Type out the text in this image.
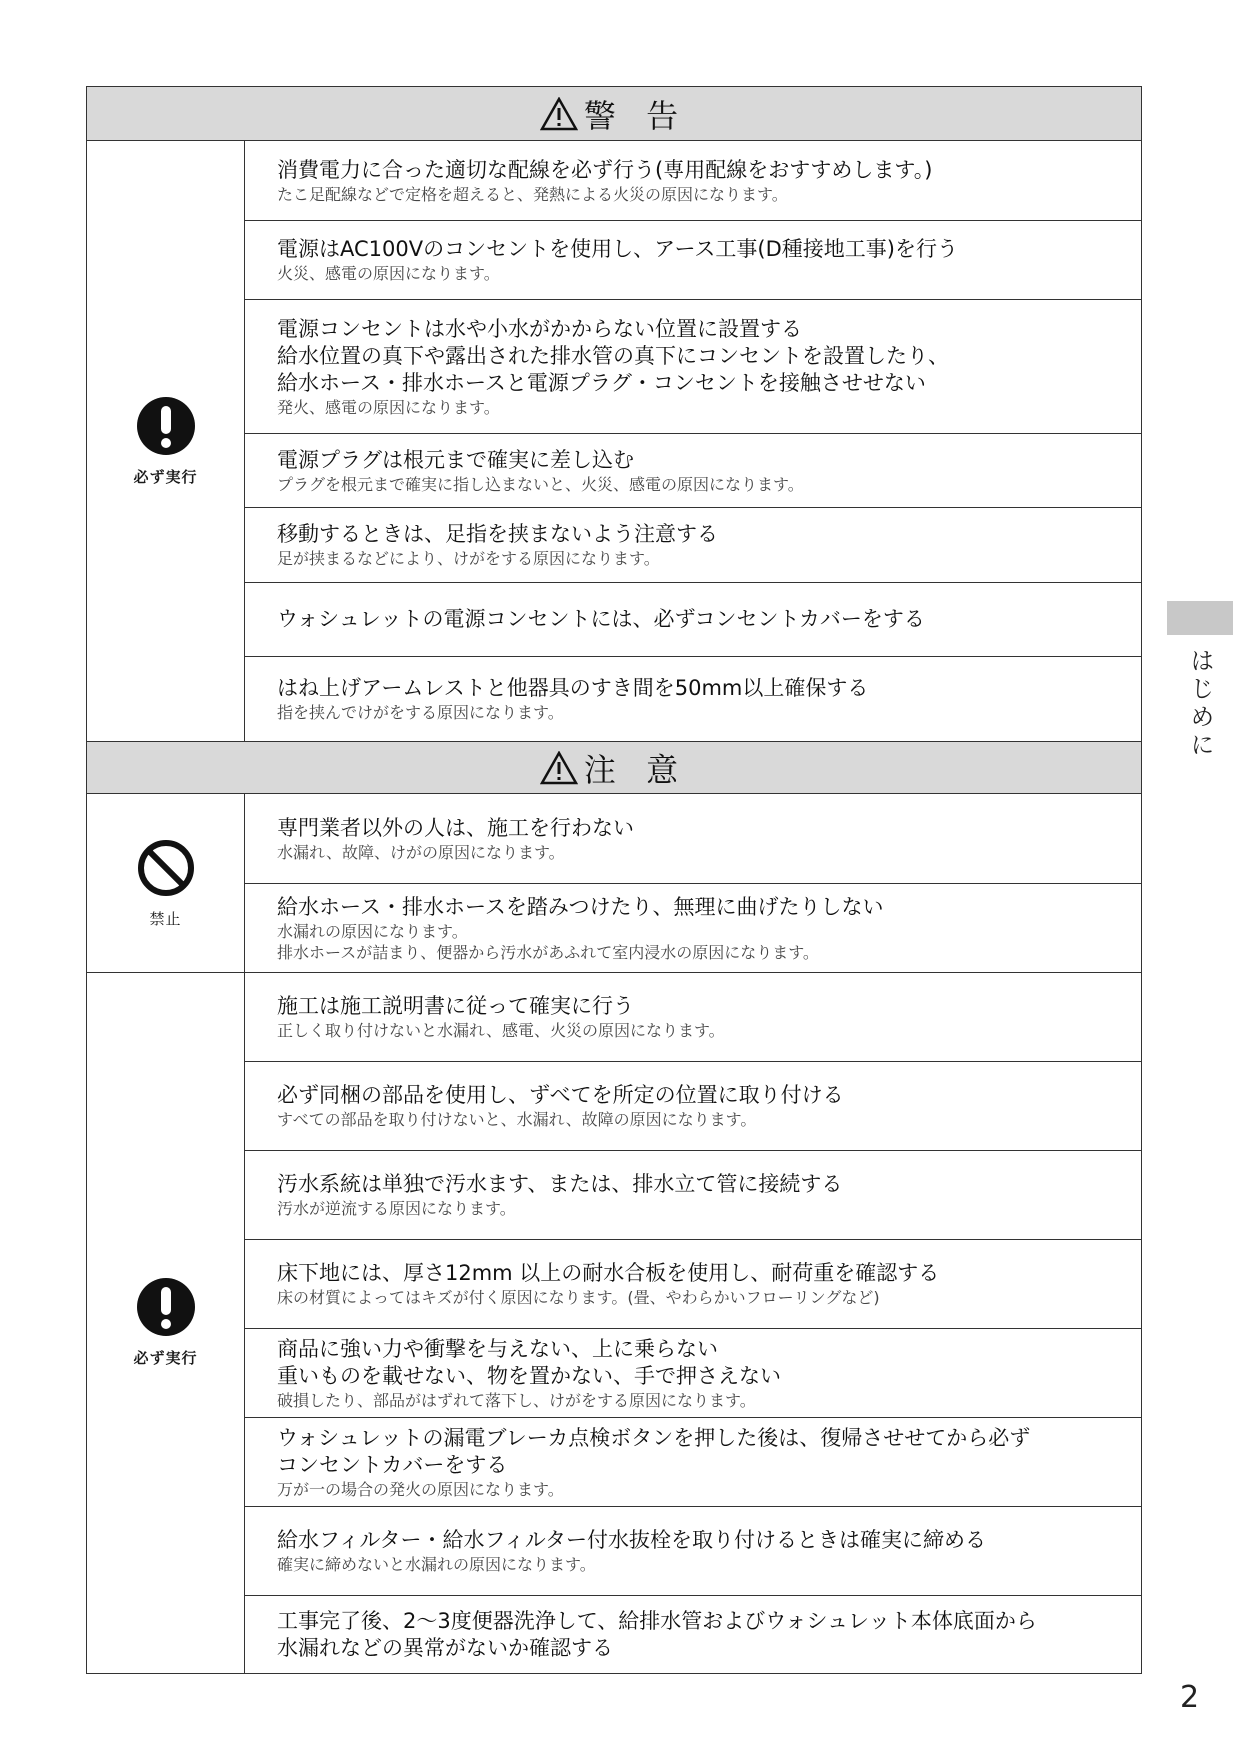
警 告
必ず実行
消費電力に合った適切な配線を必ず行う(専用配線をおすすめします。)
たこ足配線などで定格を超えると、発熱による火災の原因になります。
電源はAC100Vのコンセントを使用し、アース工事(D種接地工事)を行う
火災、感電の原因になります。
電源コンセントは水や小水がかからない位置に設置する
給水位置の真下や露出された排水管の真下にコンセントを設置したり、
給水ホース・排水ホースと電源プラグ・コンセントを接触させせない
発火、感電の原因になります。
電源プラグは根元まで確実に差し込む
プラグを根元まで確実に指し込まないと、火災、感電の原因になります。
移動するときは、足指を挟まないよう注意する
足が挟まるなどにより、けがをする原因になります。
ウォシュレットの電源コンセントには、必ずコンセントカバーをする
はね上げアームレストと他器具のすき間を50mm以上確保する
指を挟んでけがをする原因になります。
注 意
禁止
専門業者以外の人は、施工を行わない
水漏れ、故障、けがの原因になります。
給水ホース・排水ホースを踏みつけたり、無理に曲げたりしない
水漏れの原因になります。
排水ホースが詰まり、便器から汚水があふれて室内浸水の原因になります。
必ず実行
施工は施工説明書に従って確実に行う
正しく取り付けないと水漏れ、感電、火災の原因になります。
必ず同梱の部品を使用し、ずべてを所定の位置に取り付ける
すべての部品を取り付けないと、水漏れ、故障の原因になります。
汚水系統は単独で汚水ます、または、排水立て管に接続する
汚水が逆流する原因になります。
床下地には、厚さ12mm 以上の耐水合板を使用し、耐荷重を確認する
床の材質によってはキズが付く原因になります。(畳、やわらかいフローリングなど)
商品に強い力や衝撃を与えない、上に乗らない
重いものを載せない、物を置かない、手で押さえない
破損したり、部品がはずれて落下し、けがをする原因になります。
ウォシュレットの漏電ブレーカ点検ボタンを押した後は、復帰させせてから必ず
コンセントカバーをする
万が一の場合の発火の原因になります。
給水フィルター・給水フィルター付水抜栓を取り付けるときは確実に締める
確実に締めないと水漏れの原因になります。
工事完了後、2〜3度便器洗浄して、給排水管およびウォシュレット本体底面から
水漏れなどの異常がないか確認する
はじめに
2
